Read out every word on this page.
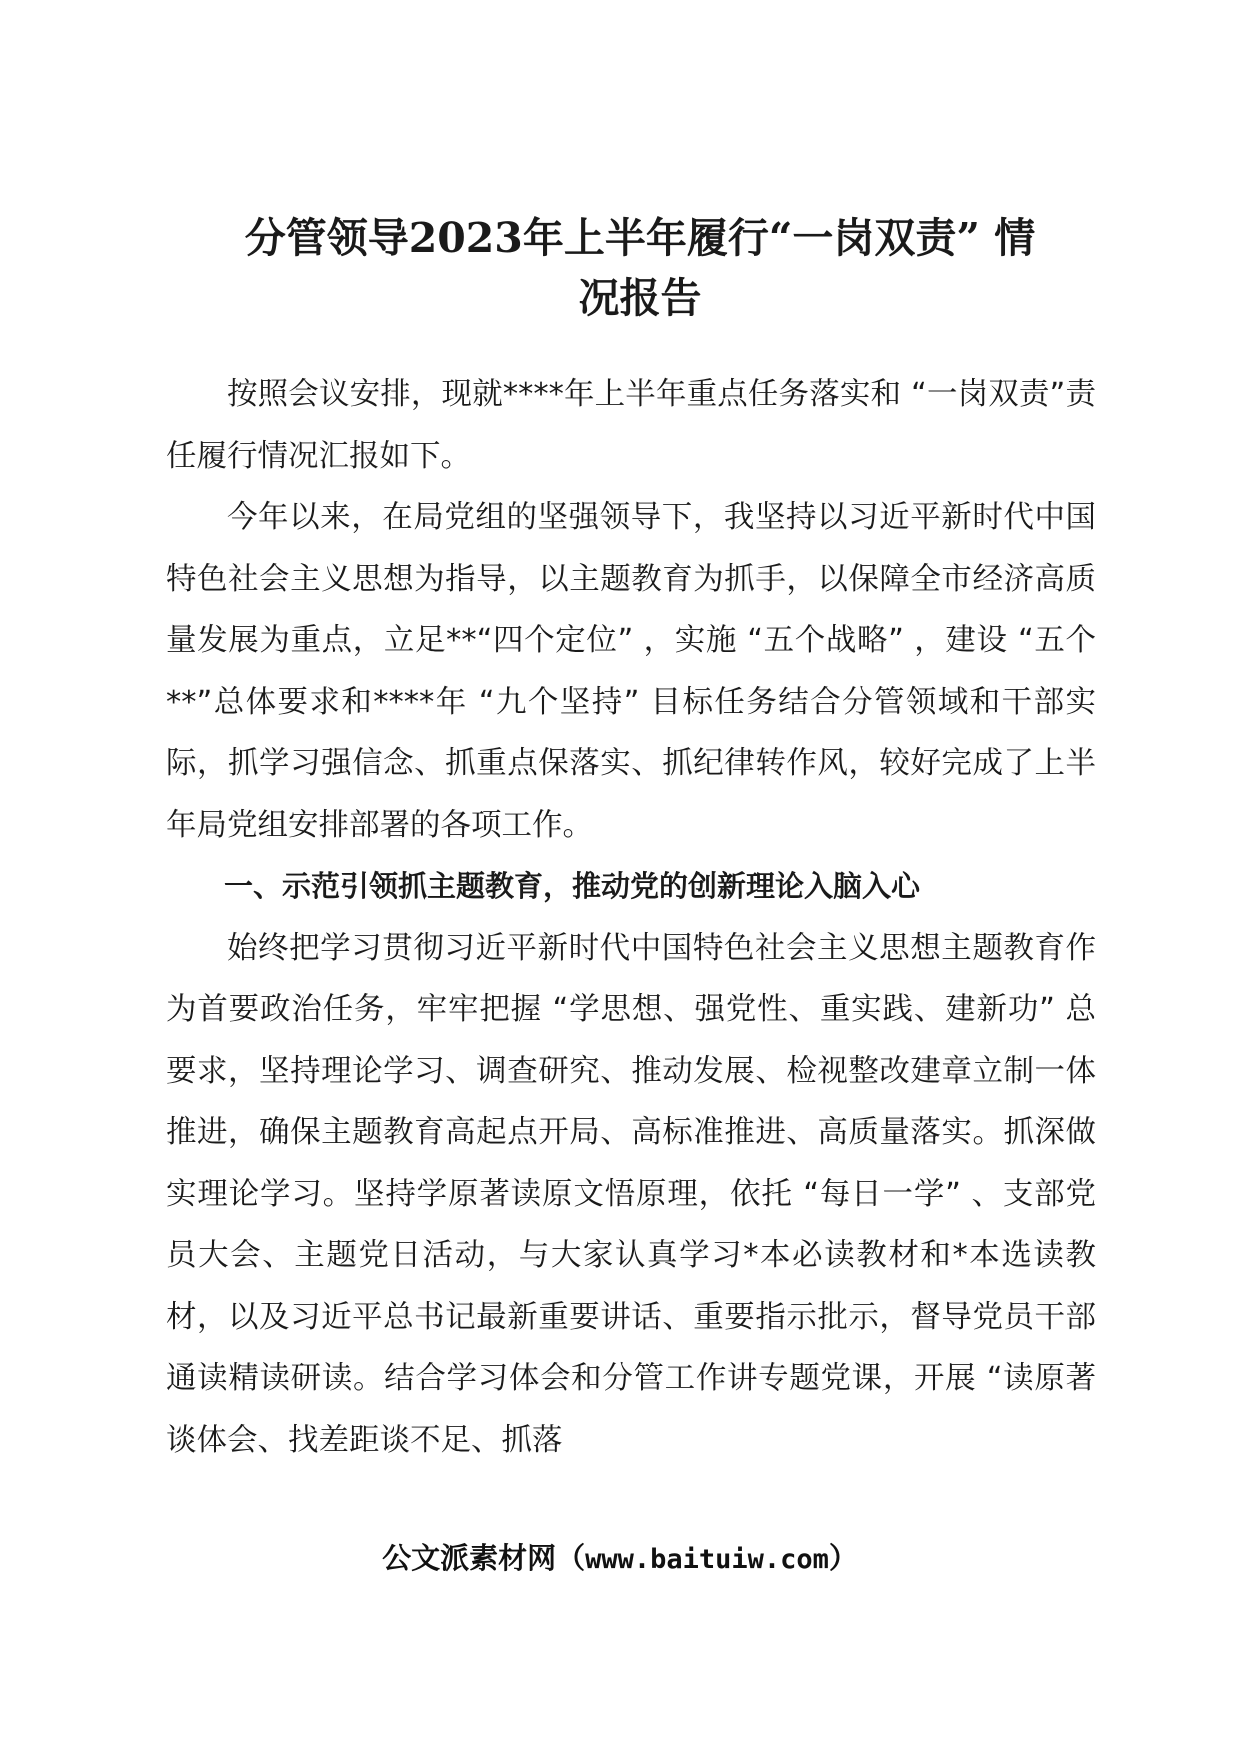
分管领导2023年上半年履行“一岗双责” 情
况报告

按照会议安排，现就****年上半年重点任务落实和 “一岗双责”责任履行情况汇报如下。

今年以来，在局党组的坚强领导下，我坚持以习近平新时代中国特色社会主义思想为指导，以主题教育为抓手，以保障全市经济高质量发展为重点，立足**“四个定位” ，实施 “五个战略” ，建设 “五个**”总体要求和****年 “九个坚持” 目标任务结合分管领域和干部实际，抓学习强信念、抓重点保落实、抓纪律转作风，较好完成了上半年局党组安排部署的各项工作。

一、示范引领抓主题教育，推动党的创新理论入脑入心

始终把学习贯彻习近平新时代中国特色社会主义思想主题教育作为首要政治任务，牢牢把握 “学思想、强党性、重实践、建新功” 总要求，坚持理论学习、调查研究、推动发展、检视整改建章立制一体推进，确保主题教育高起点开局、高标准推进、高质量落实。抓深做实理论学习。坚持学原著读原文悟原理，依托 “每日一学” 、支部党员大会、主题党日活动，与大家认真学习*本必读教材和*本选读教材，以及习近平总书记最新重要讲话、重要指示批示，督导党员干部通读精读研读。结合学习体会和分管工作讲专题党课，开展 “读原著谈体会、找差距谈不足、抓落

公文派素材网（www.baituiw.com）
